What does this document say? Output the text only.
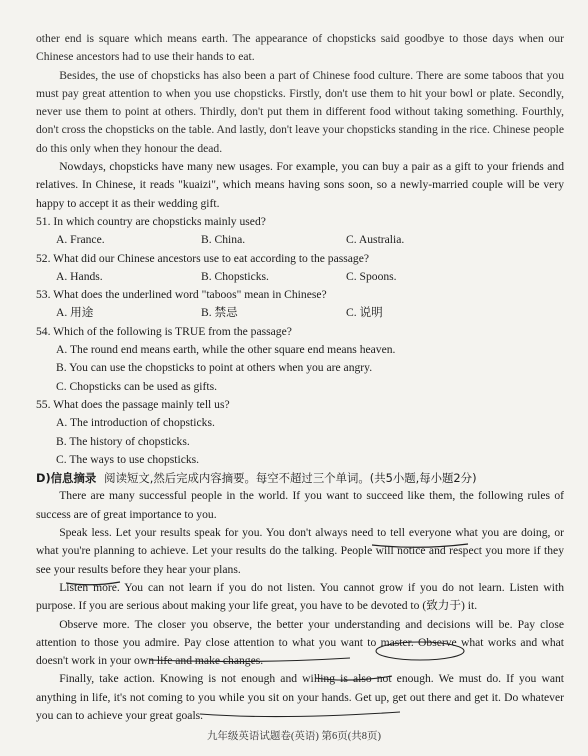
other end is square which means earth. The appearance of chopsticks said goodbye to those days when our Chinese ancestors had to use their hands to eat.

Besides, the use of chopsticks has also been a part of Chinese food culture. There are some taboos that you must pay great attention to when you use chopsticks. Firstly, don't use them to hit your bowl or plate. Secondly, never use them to point at others. Thirdly, don't put them in different food without taking something. Fourthly, don't cross the chopsticks on the table. And lastly, don't leave your chopsticks standing in the rice. Chinese people do this only when they honour the dead.

Nowdays, chopsticks have many new usages. For example, you can buy a pair as a gift to your friends and relatives. In Chinese, it reads "kuaizi", which means having sons soon, so a newly-married couple will be very happy to accept it as their wedding gift.

51. In which country are chopsticks mainly used?

A. France.	B. China.	C. Australia.

52. What did our Chinese ancestors use to eat according to the passage?

A. Hands.	B. Chopsticks.	C. Spoons.

53. What does the underlined word "taboos" mean in Chinese?

A. 用途	B. 禁忌	C. 说明

54. Which of the following is TRUE from the passage?

A. The round end means earth, while the other square end means heaven.

B. You can use the chopsticks to point at others when you are angry.

C. Chopsticks can be used as gifts.

55. What does the passage mainly tell us?

A. The introduction of chopsticks.

B. The history of chopsticks.

C. The ways to use chopsticks.

D)信息摘录 阅读短文,然后完成内容摘要。每空不超过三个单词。(共5小题,每小题2分)

There are many successful people in the world. If you want to succeed like them, the following rules of success are of great importance to you.

Speak less. Let your results speak for you. You don't always need to tell everyone what you are doing, or what you're planning to achieve. Let your results do the talking. People will notice and respect you more if they see your results before they hear your plans.

Listen more. You can not learn if you do not listen. You cannot grow if you do not learn. Listen with purpose. If you are serious about making your life great, you have to be devoted to (致力于) it.

Observe more. The closer you observe, the better your understanding and decisions will be. Pay close attention to those you admire. Pay close attention to what you want to master. Observe what works and what doesn't work in your own life and make changes.

Finally, take action. Knowing is not enough and willing is also not enough. We must do. If you want anything in life, it's not coming to you while you sit on your hands. Get up, get out there and get it. Do whatever you can to achieve your great goals.

九年级英语试题卷(英语) 第6页(共8页)
